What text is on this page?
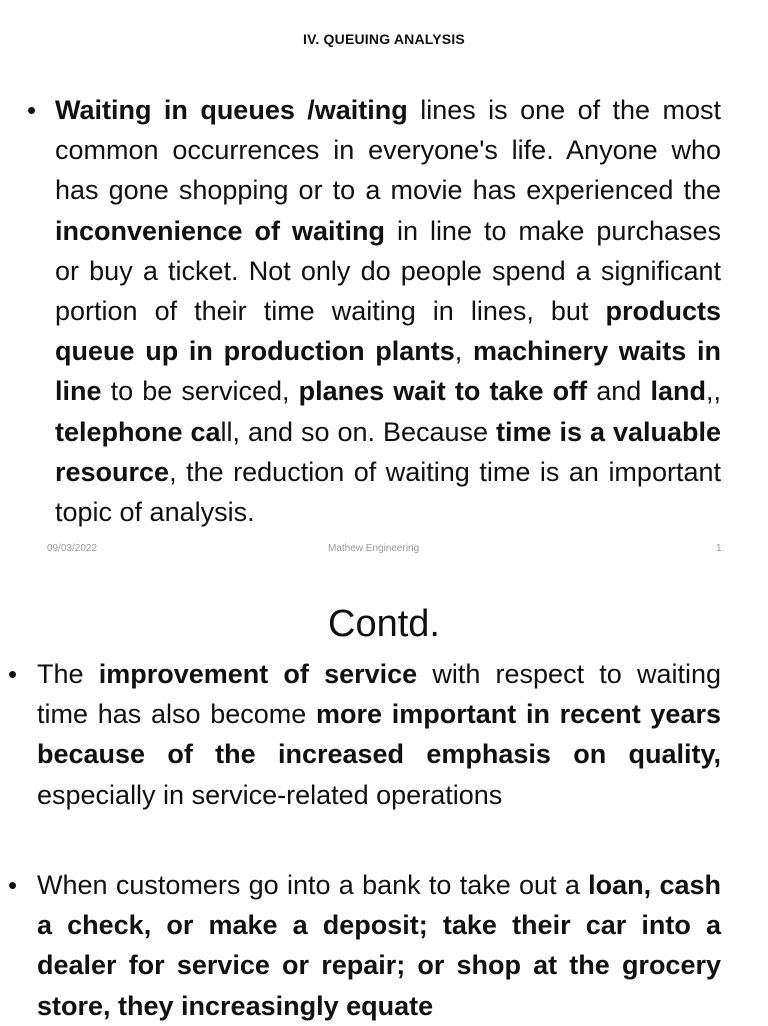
IV. QUEUING ANALYSIS
• Waiting in queues /waiting lines is one of the most common occurrences in everyone's life. Anyone who has gone shopping or to a movie has experienced the inconvenience of waiting in line to make purchases or buy a ticket. Not only do people spend a significant portion of their time waiting in lines, but products queue up in production plants, machinery waits in line to be serviced, planes wait to take off and land,, telephone call, and so on. Because time is a valuable resource, the reduction of waiting time is an important topic of analysis.

09/03/2022	Mathew Engineering	1
Contd.
• The improvement of service with respect to waiting time has also become more important in recent years because of the increased emphasis on quality, especially in service-related operations

• When customers go into a bank to take out a loan, cash a check, or make a deposit; take their car into a dealer for service or repair; or shop at the grocery store, they increasingly equate
